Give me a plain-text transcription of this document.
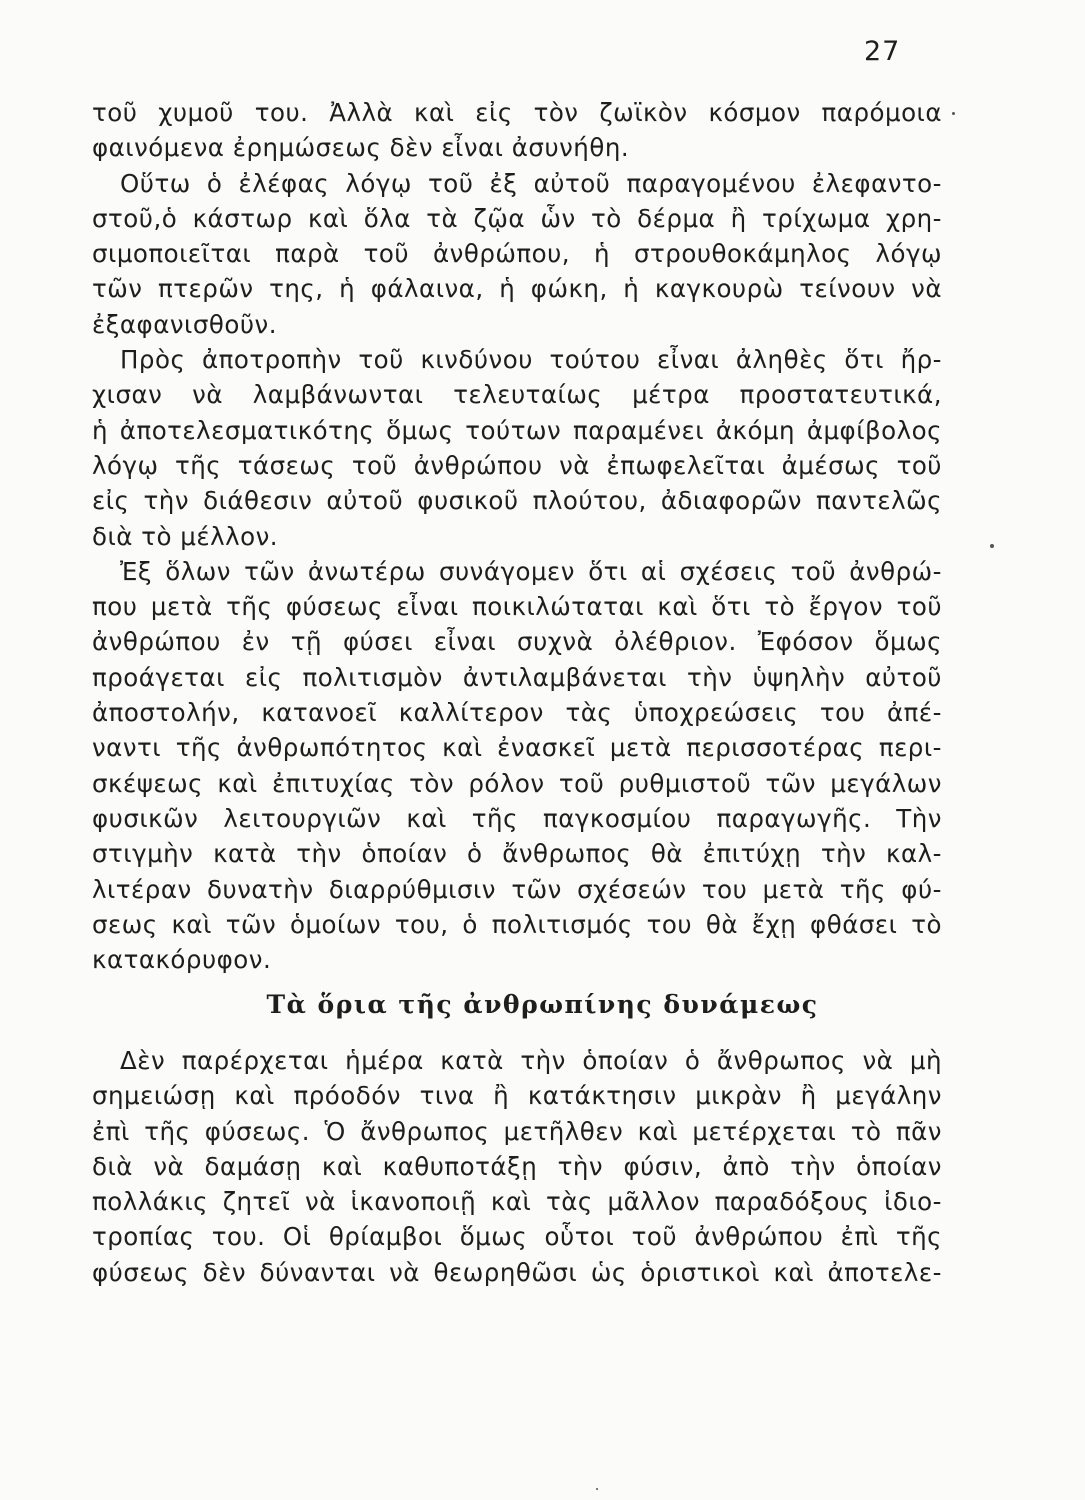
27
τοῦ χυμοῦ του. Ἀλλὰ καὶ εἰς τὸν ζωϊκὸν κόσμον παρόμοια
φαινόμενα ἐρημώσεως δὲν εἶναι ἀσυνήθη.
Οὕτω ὁ ἐλέφας λόγῳ τοῦ ἐξ αὐτοῦ παραγομένου ἐλεφαντο-
στοῦ,ὁ κάστωρ καὶ ὅλα τὰ ζῷα ὧν τὸ δέρμα ἢ τρίχωμα χρη-
σιμοποιεῖται παρὰ τοῦ ἀνθρώπου, ἡ στρουθοκάμηλος λόγῳ
τῶν πτερῶν της, ἡ φάλαινα, ἡ φώκη, ἡ καγκουρὼ τείνουν νὰ
ἐξαφανισθοῦν.
Πρὸς ἀποτροπὴν τοῦ κινδύνου τούτου εἶναι ἀληθὲς ὅτι ἤρ-
χισαν νὰ λαμβάνωνται τελευταίως μέτρα προστατευτικά,
ἡ ἀποτελεσματικότης ὅμως τούτων παραμένει ἀκόμη ἀμφίβολος
λόγῳ τῆς τάσεως τοῦ ἀνθρώπου νὰ ἐπωφελεῖται ἀμέσως τοῦ
εἰς τὴν διάθεσιν αὐτοῦ φυσικοῦ πλούτου, ἀδιαφορῶν παντελῶς
διὰ τὸ μέλλον.
Ἐξ ὅλων τῶν ἀνωτέρω συνάγομεν ὅτι αἱ σχέσεις τοῦ ἀνθρώ-
που μετὰ τῆς φύσεως εἶναι ποικιλώταται καὶ ὅτι τὸ ἔργον τοῦ
ἀνθρώπου ἐν τῇ φύσει εἶναι συχνὰ ὀλέθριον. Ἐφόσον ὅμως
προάγεται εἰς πολιτισμὸν ἀντιλαμβάνεται τὴν ὑψηλὴν αὐτοῦ
ἀποστολήν, κατανοεῖ καλλίτερον τὰς ὑποχρεώσεις του ἀπέ-
ναντι τῆς ἀνθρωπότητος καὶ ἐνασκεῖ μετὰ περισσοτέρας περι-
σκέψεως καὶ ἐπιτυχίας τὸν ρόλον τοῦ ρυθμιστοῦ τῶν μεγάλων
φυσικῶν λειτουργιῶν καὶ τῆς παγκοσμίου παραγωγῆς. Τὴν
στιγμὴν κατὰ τὴν ὁποίαν ὁ ἄνθρωπος θὰ ἐπιτύχῃ τὴν καλ-
λιτέραν δυνατὴν διαρρύθμισιν τῶν σχέσεών του μετὰ τῆς φύ-
σεως καὶ τῶν ὁμοίων του, ὁ πολιτισμός του θὰ ἔχῃ φθάσει τὸ
κατακόρυφον.
Τὰ ὅρια τῆς ἀνθρωπίνης δυνάμεως
Δὲν παρέρχεται ἡμέρα κατὰ τὴν ὁποίαν ὁ ἄνθρωπος νὰ μὴ
σημειώσῃ καὶ πρόοδόν τινα ἢ κατάκτησιν μικρὰν ἢ μεγάλην
ἐπὶ τῆς φύσεως. Ὁ ἄνθρωπος μετῆλθεν καὶ μετέρχεται τὸ πᾶν
διὰ νὰ δαμάσῃ καὶ καθυποτάξῃ τὴν φύσιν, ἀπὸ τὴν ὁποίαν
πολλάκις ζητεῖ νὰ ἱκανοποιῇ καὶ τὰς μᾶλλον παραδόξους ἰδιο-
τροπίας του. Οἱ θρίαμβοι ὅμως οὗτοι τοῦ ἀνθρώπου ἐπὶ τῆς
φύσεως δὲν δύνανται νὰ θεωρηθῶσι ὡς ὁριστικοὶ καὶ ἀποτελε-
